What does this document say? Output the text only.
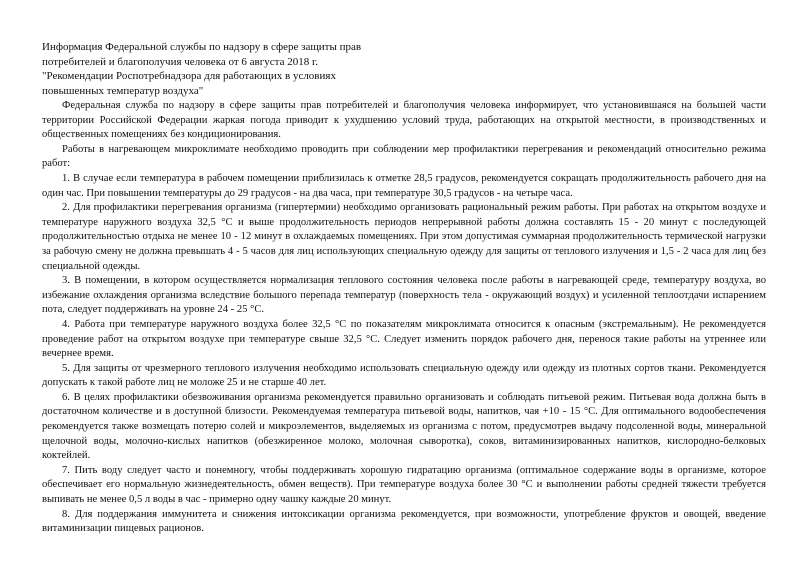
Информация Федеральной службы по надзору в сфере защиты прав
потребителей и благополучия человека от 6 августа 2018 г.
"Рекомендации Роспотребнадзора для работающих в условиях
повышенных температур воздуха"

Федеральная служба по надзору в сфере защиты прав потребителей и благополучия человека информирует, что установившаяся на большей части территории Российской Федерации жаркая погода приводит к ухудшению условий труда, работающих на открытой местности, в производственных и общественных помещениях без кондиционирования.

Работы в нагревающем микроклимате необходимо проводить при соблюдении мер профилактики перегревания и рекомендаций относительно режима работ:

1. В случае если температура в рабочем помещении приблизилась к отметке 28,5 градусов, рекомендуется сокращать продолжительность рабочего дня на один час. При повышении температуры до 29 градусов - на два часа, при температуре 30,5 градусов - на четыре часа.

2. Для профилактики перегревания организма (гипертермии) необходимо организовать рациональный режим работы. При работах на открытом воздухе и температуре наружного воздуха 32,5 °С и выше продолжительность периодов непрерывной работы должна составлять 15 - 20 минут с последующей продолжительностью отдыха не менее 10 - 12 минут в охлаждаемых помещениях. При этом допустимая суммарная продолжительность термической нагрузки за рабочую смену не должна превышать 4 - 5 часов для лиц использующих специальную одежду для защиты от теплового излучения и 1,5 - 2 часа для лиц без специальной одежды.

3. В помещении, в котором осуществляется нормализация теплового состояния человека после работы в нагревающей среде, температуру воздуха, во избежание охлаждения организма вследствие большого перепада температур (поверхность тела - окружающий воздух) и усиленной теплоотдачи испарением пота, следует поддерживать на уровне 24 - 25 °С.

4. Работа при температуре наружного воздуха более 32,5 °С по показателям микроклимата относится к опасным (экстремальным). Не рекомендуется проведение работ на открытом воздухе при температуре свыше 32,5 °С. Следует изменить порядок рабочего дня, перенося такие работы на утреннее или вечернее время.

5. Для защиты от чрезмерного теплового излучения необходимо использовать специальную одежду или одежду из плотных сортов ткани. Рекомендуется допускать к такой работе лиц не моложе 25 и не старше 40 лет.

6. В целях профилактики обезвоживания организма рекомендуется правильно организовать и соблюдать питьевой режим. Питьевая вода должна быть в достаточном количестве и в доступной близости. Рекомендуемая температура питьевой воды, напитков, чая +10 - 15 °С. Для оптимального водообеспечения рекомендуется также возмещать потерю солей и микроэлементов, выделяемых из организма с потом, предусмотрев выдачу подсоленной воды, минеральной щелочной воды, молочно-кислых напитков (обезжиренное молоко, молочная сыворотка), соков, витаминизированных напитков, кислородно-белковых коктейлей.

7. Пить воду следует часто и понемногу, чтобы поддерживать хорошую гидратацию организма (оптимальное содержание воды в организме, которое обеспечивает его нормальную жизнедеятельность, обмен веществ). При температуре воздуха более 30 °С и выполнении работы средней тяжести требуется выпивать не менее 0,5 л воды в час - примерно одну чашку каждые 20 минут.

8. Для поддержания иммунитета и снижения интоксикации организма рекомендуется, при возможности, употребление фруктов и овощей, введение витаминизации пищевых рационов.
